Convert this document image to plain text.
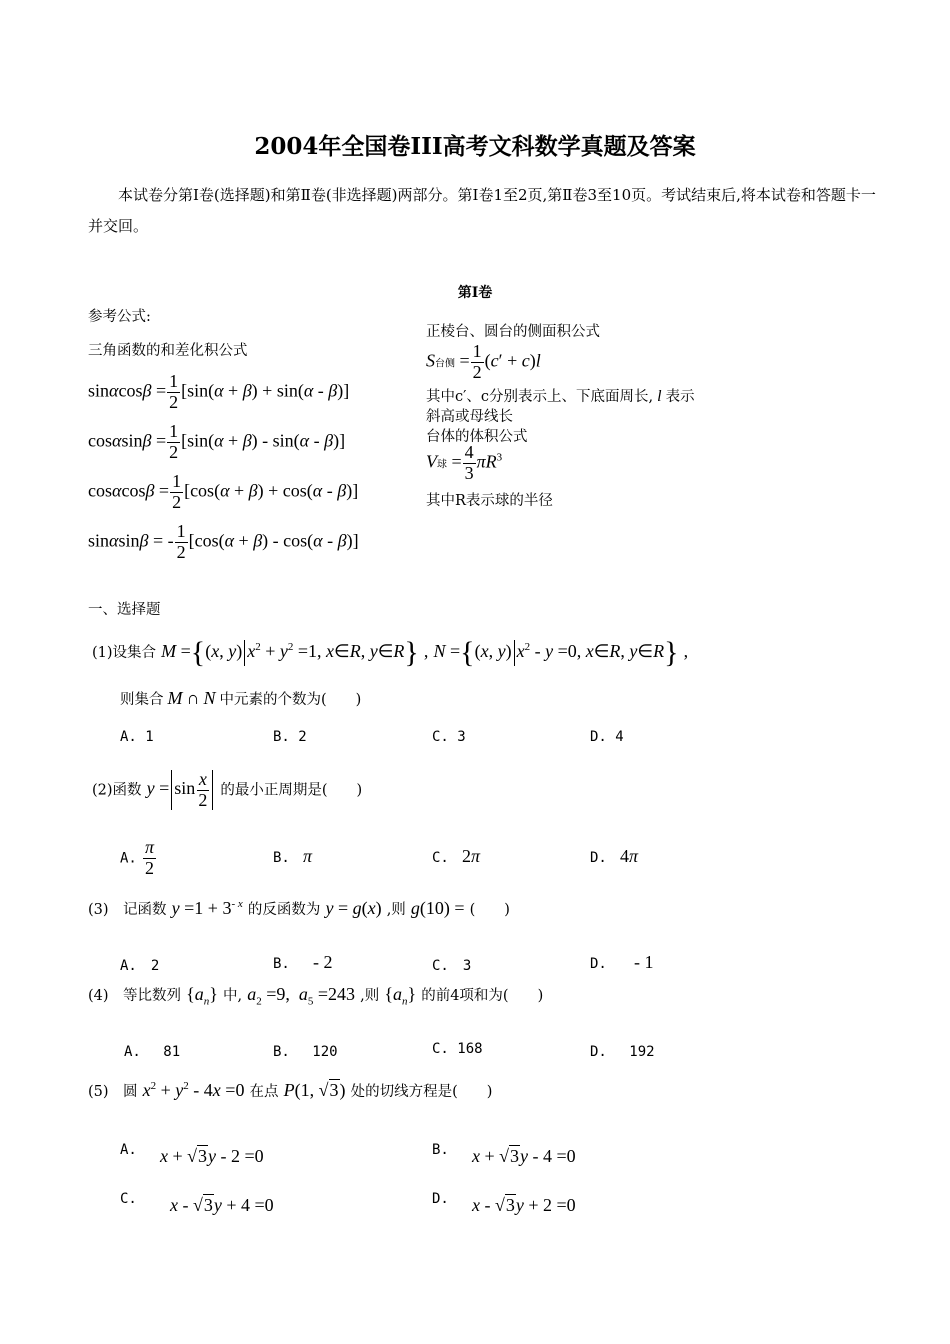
2004年全国卷III高考文科数学真题及答案
本试卷分第Ⅰ卷(选择题)和第Ⅱ卷(非选择题)两部分。第Ⅰ卷1至2页,第Ⅱ卷3至10页。考试结束后,将本试卷和答题卡一并交回。
第Ⅰ卷
参考公式:
三角函数的和差化积公式
$\sin\alpha\cos\beta = \frac{1}{2} [\sin(\alpha + \beta) + \sin(\alpha - \beta)]$
$\cos\alpha\sin\beta = \frac{1}{2} [\sin(\alpha + \beta) - \sin(\alpha - \beta)]$
$\cos\alpha\cos\beta = \frac{1}{2} [\cos(\alpha + \beta) + \cos(\alpha - \beta)]$
sinαsinβ = - $\frac{1}{2} [\cos(\alpha + \beta) - \cos(\alpha - \beta)]$
正棱台、圆台的侧面积公式
S台侧 = $\frac{1}{2} (c' + c)l$
其中c′、c分别表示上、下底面周长, l 表示
斜高或母线长
台体的体积公式
V球 = $\frac{4}{3} \pi R^3$
其中R表示球的半径
一、选择题
(1)设集合 M ={(x, y) $x^2 + y^2 =1$, x∈R, y∈R} , N ={(x, y) $x^2 - y =0$, x∈R, y∈R} ,
则集合 M ∩ N 中元素的个数为(　　)
A. 1	B. 2	C. 3	D. 4
(2)函数 $y = \sin \frac{x}{2}$ 的最小正周期是(　　)
A. $\frac{\pi}{2}$	B. π	C. 2π	D. 4π
(3)　记函数 $y =1 + 3^{- x}$ 的反函数为 y = g(x) ,则 g(10) = (　　)
A.　2	B. - 2	C.　3	D. - 1
(4)　等比数列 $\{a_n\}$ 中, $a_2 =9$,  $a_5 =243$ ,则 $\{a_n\}$ 的前4项和为(　　)
A.　 81	B.　 120	C. 168	D.　 192
(5)　圆 $x^2 + y^2 - 4x =0$ 在点 P(1, √3) 处的切线方程是(　　)
A. x + √3y - 2 =0	B. x + √3y - 4 =0
C. x - √3y + 4 =0	D. x - √3y + 2 =0
